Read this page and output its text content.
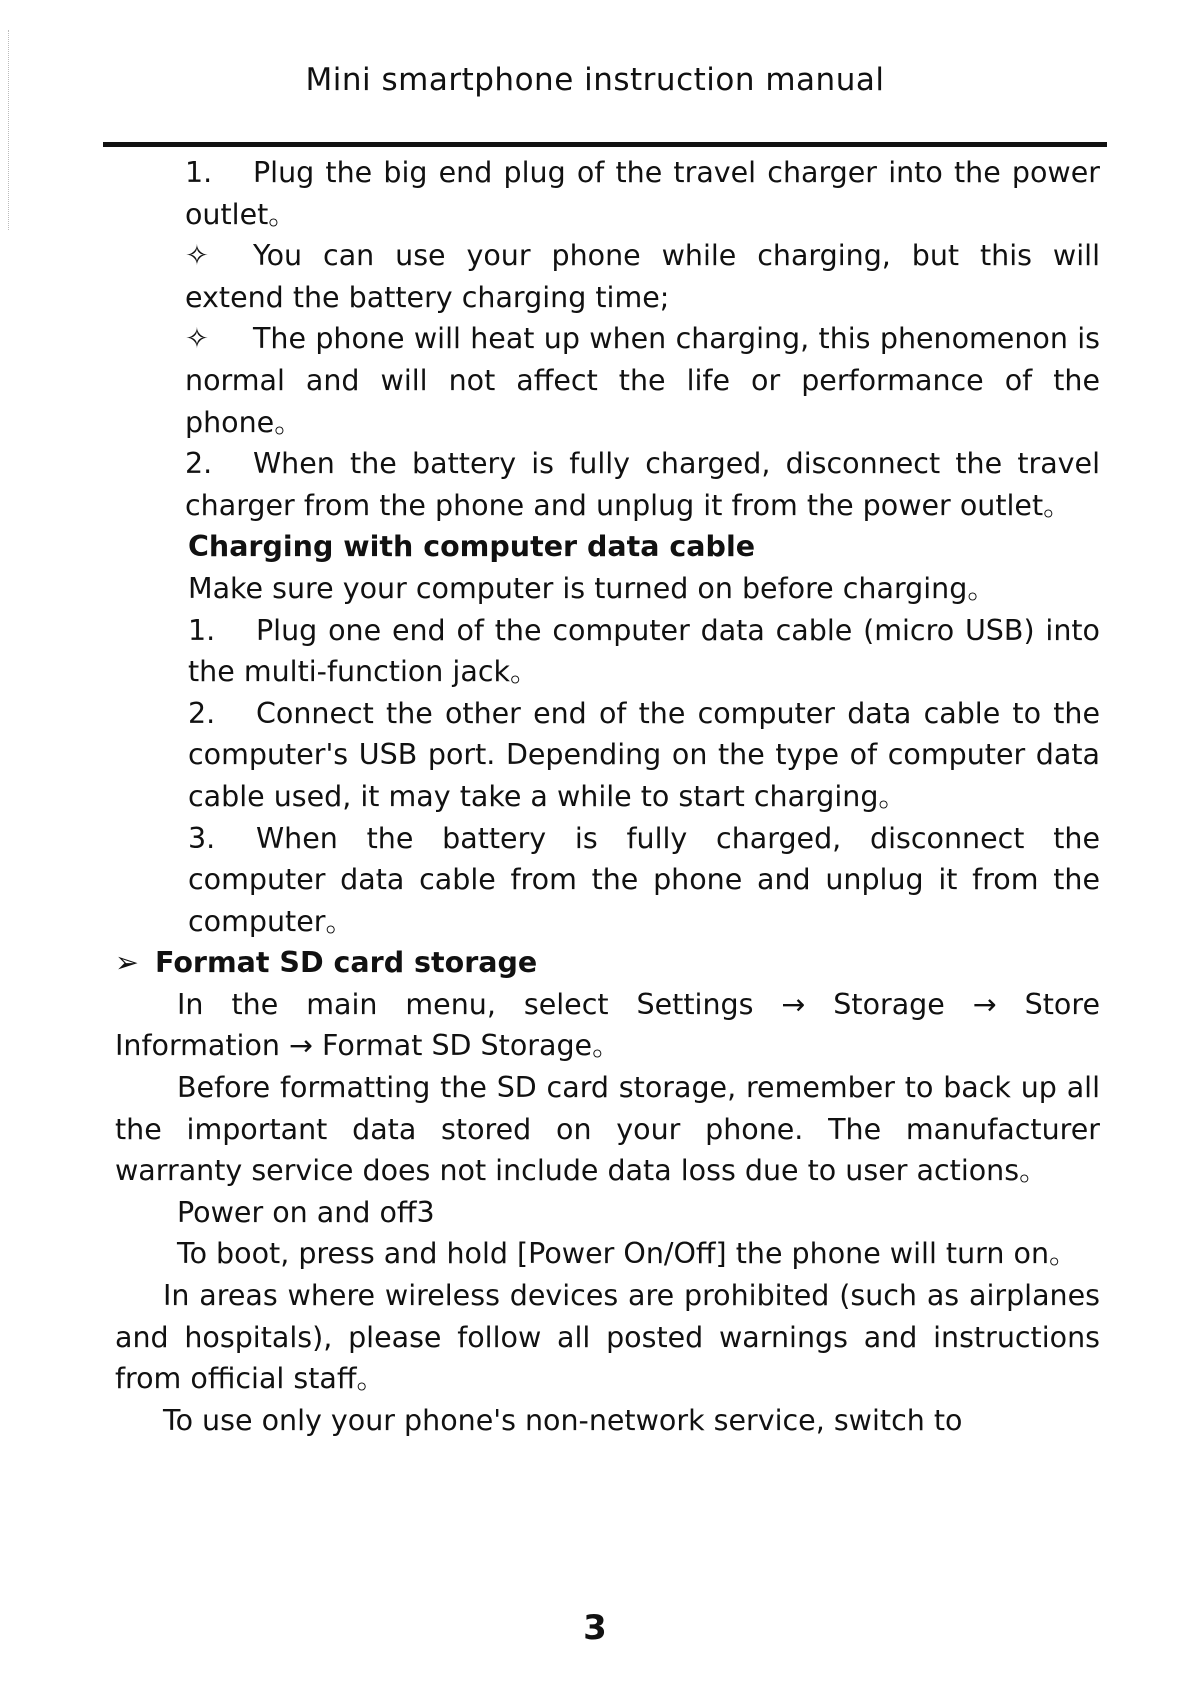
Mini smartphone instruction manual

1. Plug the big end plug of the travel charger into the power outlet。

✧ You can use your phone while charging, but this will extend the battery charging time;

✧ The phone will heat up when charging, this phenomenon is normal and will not affect the life or performance of the phone。

2. When the battery is fully charged, disconnect the travel charger from the phone and unplug it from the power outlet。

Charging with computer data cable

Make sure your computer is turned on before charging。

1. Plug one end of the computer data cable (micro USB) into the multi-function jack。

2. Connect the other end of the computer data cable to the computer's USB port. Depending on the type of computer data cable used, it may take a while to start charging。

3. When the battery is fully charged, disconnect the computer data cable from the phone and unplug it from the computer。

➢ Format SD card storage

In the main menu, select Settings → Storage → Store Information → Format SD Storage。

Before formatting the SD card storage, remember to back up all the important data stored on your phone. The manufacturer warranty service does not include data loss due to user actions。

Power on and off3

To boot, press and hold [Power On/Off] the phone will turn on。

In areas where wireless devices are prohibited (such as airplanes and hospitals), please follow all posted warnings and instructions from official staff。

To use only your phone's non-network service, switch to

3
